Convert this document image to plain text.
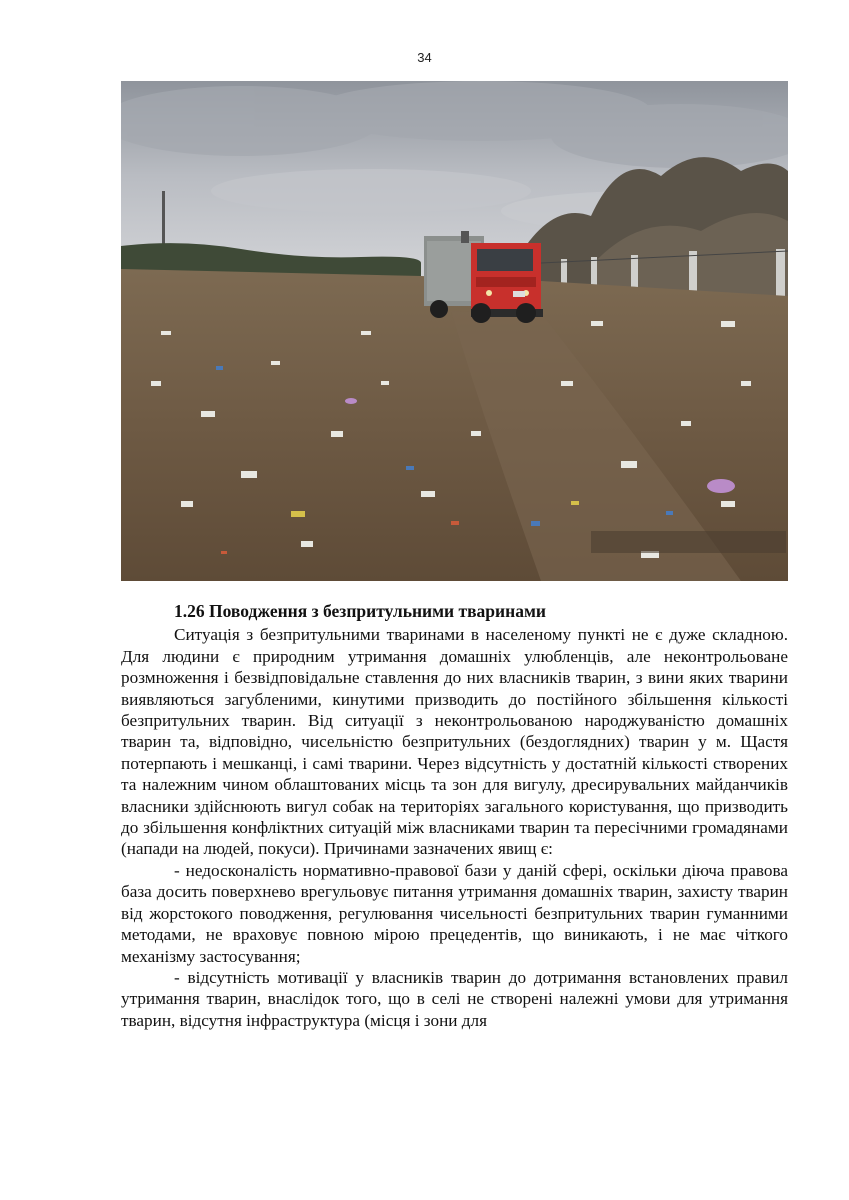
34

1.26 Поводження з безпритульними тваринами

Ситуація з безпритульними тваринами в населеному пункті не є дуже складною. Для людини є природним утримання домашніх улюбленців, але неконтрольоване розмноження і безвідповідальне ставлення до них власників тварин, з вини яких тварини виявляються загубленими, кинутими призводить до постійного збільшення кількості безпритульних тварин. Від ситуації з неконтрольованою народжуваністю домашніх тварин та, відповідно, чисельністю безпритульних (бездоглядних) тварин у м. Щастя потерпають і мешканці, і самі тварини. Через відсутність у достатній кількості створених та належним чином облаштованих місць та зон для вигулу, дресирувальних майданчиків власники здійснюють вигул собак на територіях загального користування, що призводить до збільшення конфліктних ситуацій між власниками тварин та пересічними громадянами (напади на людей, покуси). Причинами зазначених явищ є:

- недосконалість нормативно-правової бази у даній сфері, оскільки діюча правова база досить поверхнево врегульовує питання утримання домашніх тварин, захисту тварин від жорстокого поводження, регулювання чисельності безпритульних тварин гуманними методами, не враховує повною мірою прецедентів, що виникають, і не має чіткого механізму застосування;

- відсутність мотивації у власників тварин до дотримання встановлених правил утримання тварин, внаслідок того, що в селі не створені належні умови для утримання тварин, відсутня інфраструктура (місця і зони для
